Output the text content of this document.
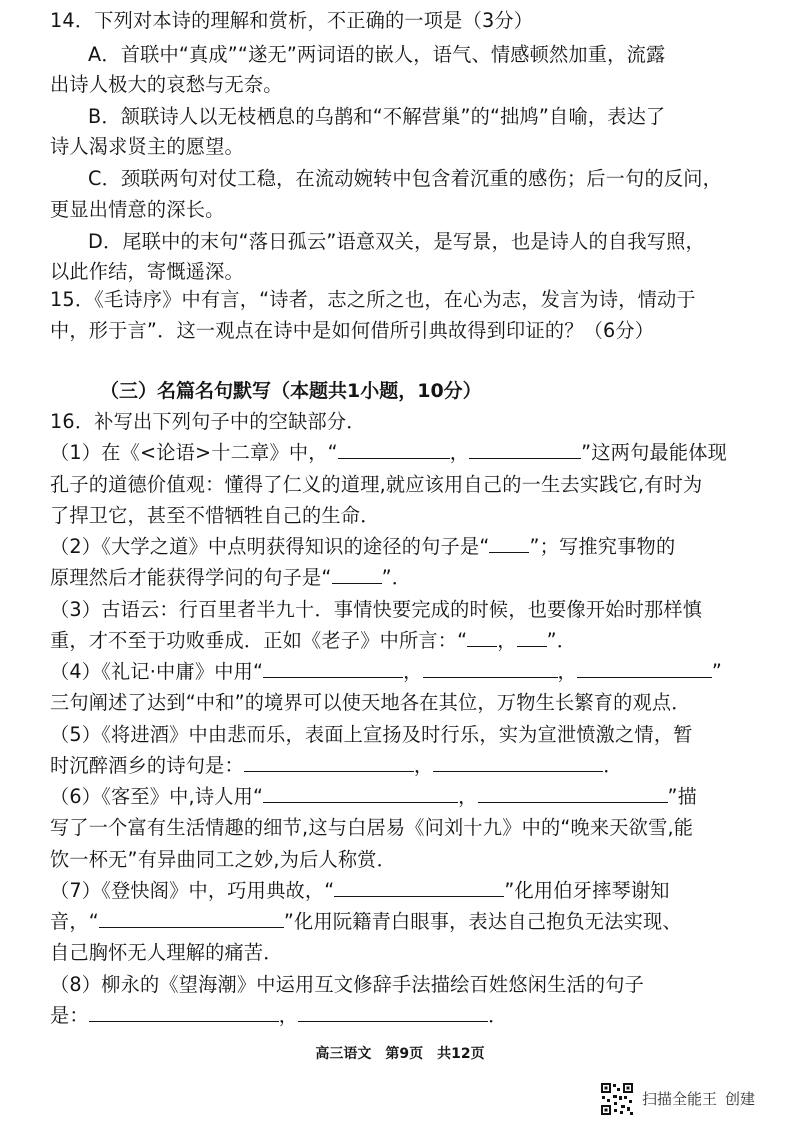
14．下列对本诗的理解和赏析，不正确的一项是（3分）
A．首联中“真成”“遂无”两词语的嵌人，语气、情感顿然加重，流露
出诗人极大的哀愁与无奈。
B．颔联诗人以无枝栖息的乌鹊和“不解营巢”的“拙鸠”自喻，表达了
诗人渴求贤主的愿望。
C．颈联两句对仗工稳，在流动婉转中包含着沉重的感伤；后一句的反问，
更显出情意的深长。
D．尾联中的末句“落日孤云”语意双关，是写景，也是诗人的自我写照，
以此作结，寄慨遥深。
15．《毛诗序》中有言，“诗者，志之所之也，在心为志，发言为诗，情动于
中，形于言”．这一观点在诗中是如何借所引典故得到印证的？（6分）
（三）名篇名句默写（本题共1小题，10分）
16．补写出下列句子中的空缺部分．
（1）在《<论语>十二章》中，“	，	”这两句最能体现
孔子的道德价值观：懂得了仁义的道理,就应该用自己的一生去实践它,有时为
了捍卫它，甚至不惜牺牲自己的生命．
（2）《大学之道》中点明获得知识的途径的句子是“ ”；写推究事物的
原理然后才能获得学问的句子是“	”．
（3）古语云：行百里者半九十．事情快要完成的时候，也要像开始时那样慎
重，才不至于功败垂成．正如《老子》中所言：“ ， ”．
（4）《礼记·中庸》中用“	，	，	”
三句阐述了达到“中和”的境界可以使天地各在其位，万物生长繁育的观点．
（5）《将进酒》中由悲而乐，表面上宣扬及时行乐，实为宣泄愤激之情，暂
时沉醉酒乡的诗句是：	，	．
（6）《客至》中,诗人用“	，	”描
写了一个富有生活情趣的细节,这与白居易《问刘十九》中的“晚来天欲雪,能
饮一杯无”有异曲同工之妙,为后人称赏．
（7）《登快阁》中，巧用典故，“	”化用伯牙摔琴谢知
音，“	”化用阮籍青白眼事，表达自己抱负无法实现、
自己胸怀无人理解的痛苦．
（8）柳永的《望海潮》中运用互文修辞手法描绘百姓悠闲生活的句子
是：	，	．
高三语文　第9页　共12页
扫描全能王 创建
